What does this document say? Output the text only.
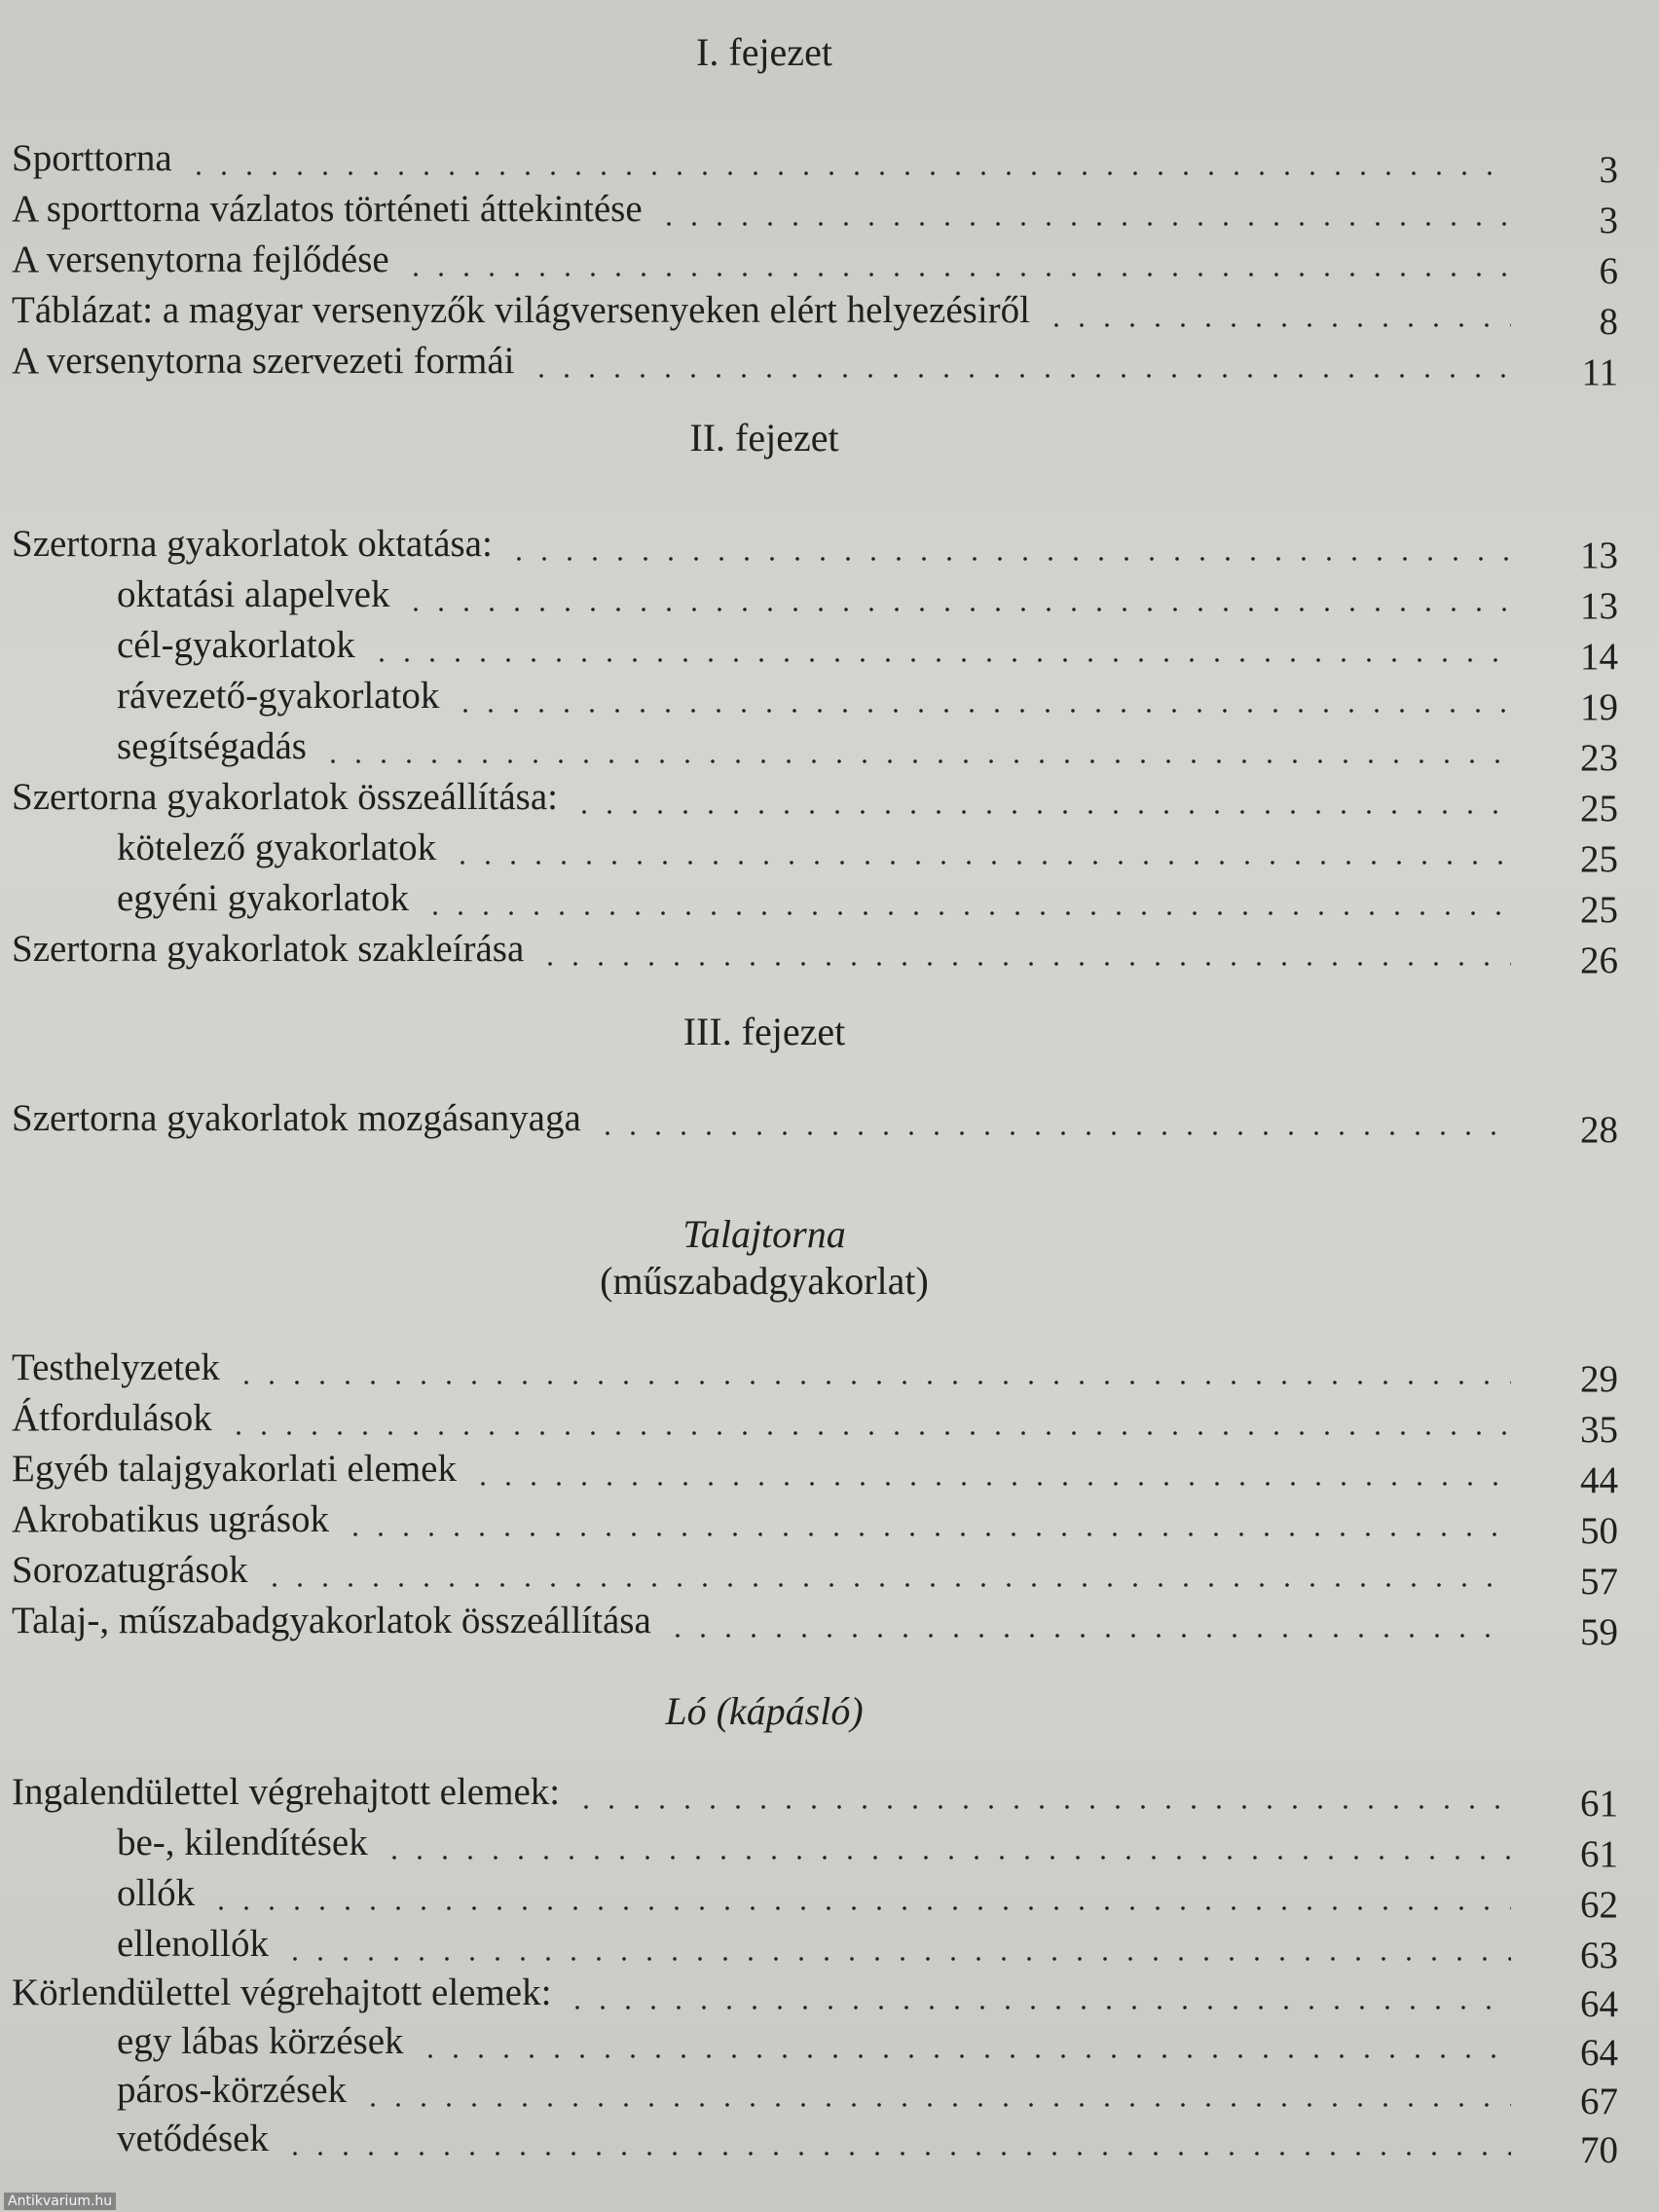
I. fejezet
Sporttorna	3
A sporttorna vázlatos történeti áttekintése	3
A versenytorna fejlődése	6
Táblázat: a magyar versenyzők világversenyeken elért helyezésiről	8
A versenytorna szervezeti formái	11
II. fejezet
Szertorna gyakorlatok oktatása:	13
oktatási alapelvek	13
cél-gyakorlatok	14
rávezető-gyakorlatok	19
segítségadás	23
Szertorna gyakorlatok összeállítása:	25
kötelező gyakorlatok	25
egyéni gyakorlatok	25
Szertorna gyakorlatok szakleírása	26
III. fejezet
Szertorna gyakorlatok mozgásanyaga	28
Talajtorna
(műszabadgyakorlat)
Testhelyzetek	29
Átfordulások	35
Egyéb talajgyakorlati elemek	44
Akrobatikus ugrások	50
Sorozatugrások	57
Talaj-, műszabadgyakorlatok összeállítása	59
Ló (kápásló)
Ingalendülettel végrehajtott elemek:	61
be-, kilendítések	61
ollók	62
ellenollók	63
Körlendülettel végrehajtott elemek:	64
egy lábas körzések	64
páros-körzések	67
vetődések	70
Antikvarium.hu
